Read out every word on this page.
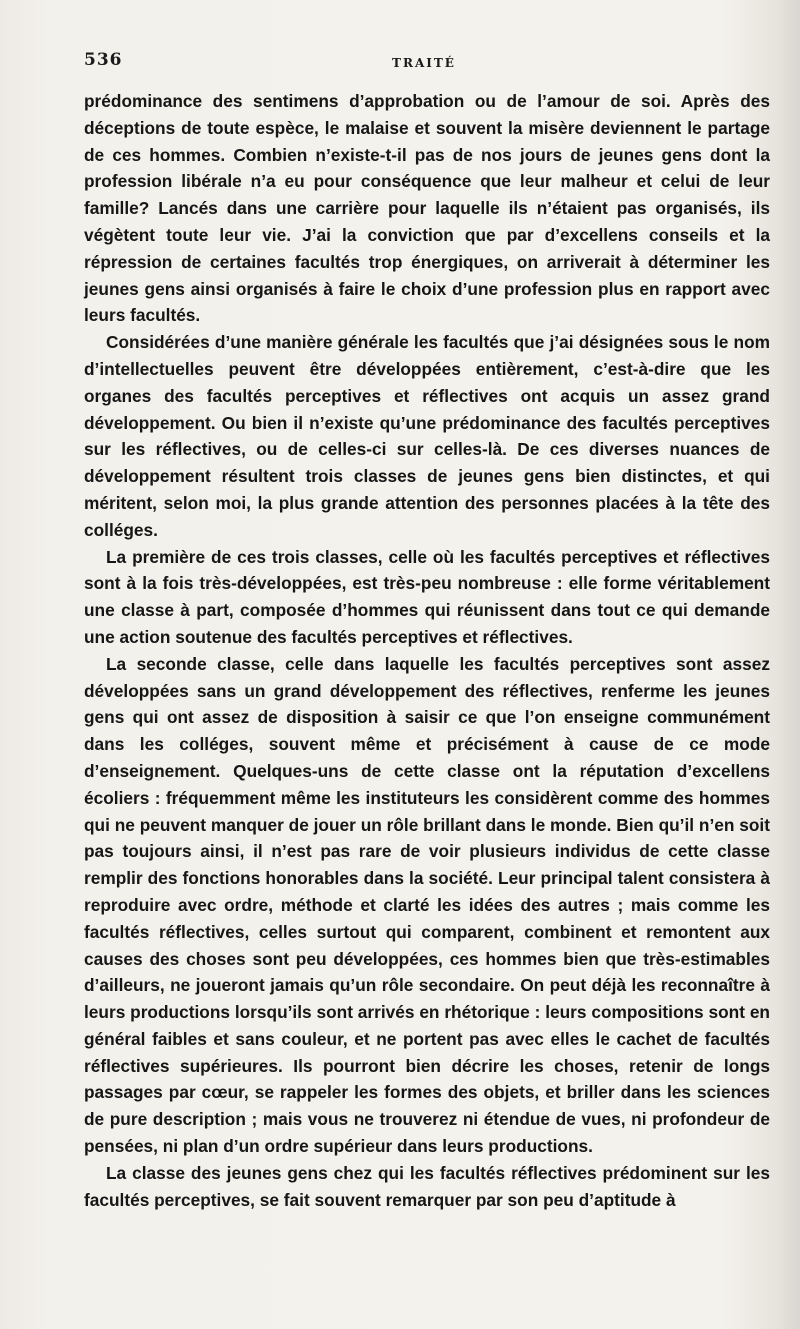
536	TRAITÉ

prédominance des sentimens d’approbation ou de l’amour de soi. Après des déceptions de toute espèce, le malaise et souvent la misère deviennent le partage de ces hommes. Combien n’existe-t-il pas de nos jours de jeunes gens dont la profession libérale n’a eu pour conséquence que leur malheur et celui de leur famille? Lancés dans une carrière pour laquelle ils n’étaient pas organisés, ils végètent toute leur vie. J’ai la conviction que par d’excellens conseils et la répression de certaines facultés trop énergiques, on arriverait à déterminer les jeunes gens ainsi organisés à faire le choix d’une profession plus en rapport avec leurs facultés.

Considérées d’une manière générale les facultés que j’ai désignées sous le nom d’intellectuelles peuvent être développées entièrement, c’est-à-dire que les organes des facultés perceptives et réflectives ont acquis un assez grand développement. Ou bien il n’existe qu’une prédominance des facultés perceptives sur les réflectives, ou de celles-ci sur celles-là. De ces diverses nuances de développement résultent trois classes de jeunes gens bien distinctes, et qui méritent, selon moi, la plus grande attention des personnes placées à la tête des colléges.

La première de ces trois classes, celle où les facultés perceptives et réflectives sont à la fois très-développées, est très-peu nombreuse : elle forme véritablement une classe à part, composée d’hommes qui réunissent dans tout ce qui demande une action soutenue des facultés perceptives et réflectives.

La seconde classe, celle dans laquelle les facultés perceptives sont assez développées sans un grand développement des réflectives, renferme les jeunes gens qui ont assez de disposition à saisir ce que l’on enseigne communément dans les colléges, souvent même et précisément à cause de ce mode d’enseignement. Quelques-uns de cette classe ont la réputation d’excellens écoliers : fréquemment même les instituteurs les considèrent comme des hommes qui ne peuvent manquer de jouer un rôle brillant dans le monde. Bien qu’il n’en soit pas toujours ainsi, il n’est pas rare de voir plusieurs individus de cette classe remplir des fonctions honorables dans la société. Leur principal talent consistera à reproduire avec ordre, méthode et clarté les idées des autres ; mais comme les facultés réflectives, celles surtout qui comparent, combinent et remontent aux causes des choses sont peu développées, ces hommes bien que très-estimables d’ailleurs, ne joueront jamais qu’un rôle secondaire. On peut déjà les reconnaître à leurs productions lorsqu’ils sont arrivés en rhétorique : leurs compositions sont en général faibles et sans couleur, et ne portent pas avec elles le cachet de facultés réflectives supérieures. Ils pourront bien décrire les choses, retenir de longs passages par cœur, se rappeler les formes des objets, et briller dans les sciences de pure description ; mais vous ne trouverez ni étendue de vues, ni profondeur de pensées, ni plan d’un ordre supérieur dans leurs productions.

La classe des jeunes gens chez qui les facultés réflectives prédominent sur les facultés perceptives, se fait souvent remarquer par son peu d’aptitude à
